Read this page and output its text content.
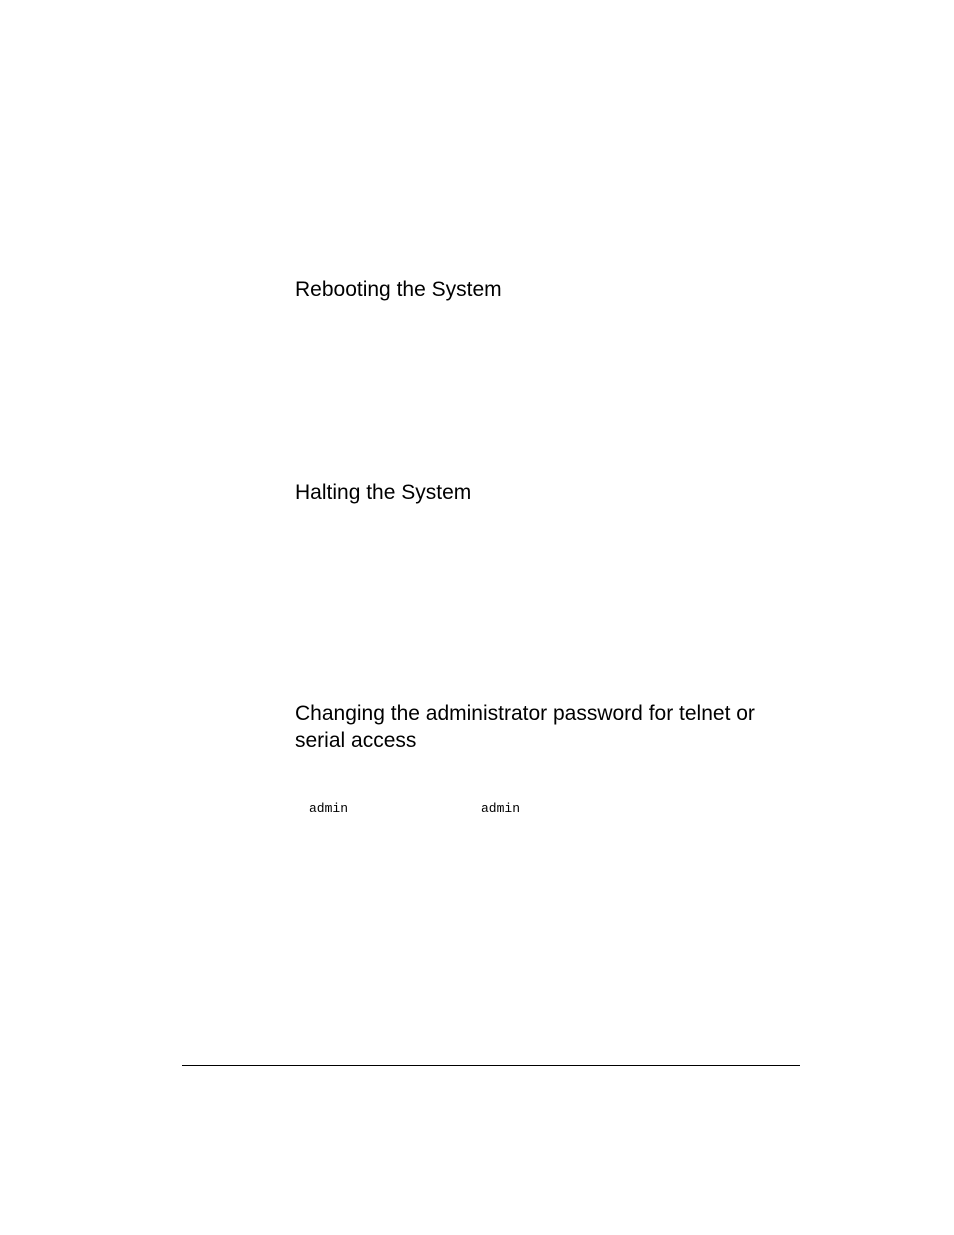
Rebooting the System
Halting the System
Changing the administrator password for telnet or serial access
admin	admin
